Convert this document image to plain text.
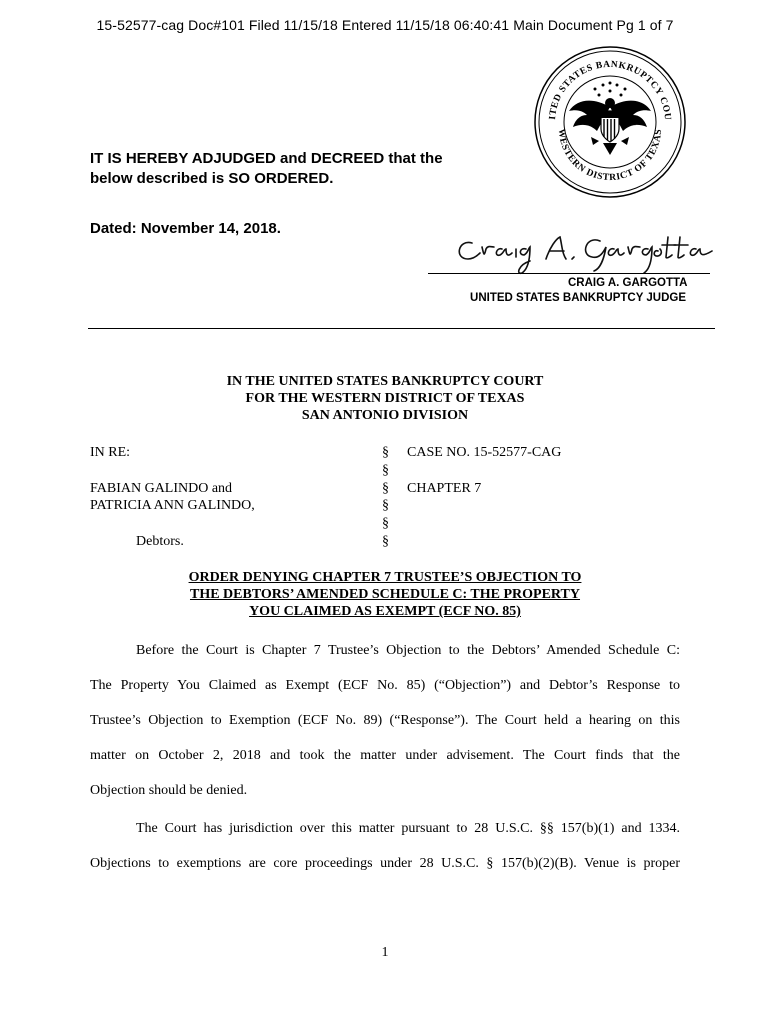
15-52577-cag Doc#101 Filed 11/15/18 Entered 11/15/18 06:40:41 Main Document Pg 1 of 7
IT IS HEREBY ADJUDGED and DECREED that the
below described is SO ORDERED.
Dated: November 14, 2018.
ITED STATES BANKRUPTCY COU
WESTERN DISTRICT OF TEXAS
CRAIG A. GARGOTTA
UNITED STATES BANKRUPTCY JUDGE
IN THE UNITED STATES BANKRUPTCY COURT
FOR THE WESTERN DISTRICT OF TEXAS
SAN ANTONIO DIVISION
IN RE:
FABIAN GALINDO and
PATRICIA ANN GALINDO,
Debtors.
§
§
§
§
§
§
CASE NO. 15-52577-CAG
CHAPTER 7
ORDER DENYING CHAPTER 7 TRUSTEE’S OBJECTION TO
THE DEBTORS’ AMENDED SCHEDULE C: THE PROPERTY
YOU CLAIMED AS EXEMPT (ECF NO. 85)
Before the Court is Chapter 7 Trustee’s Objection to the Debtors’ Amended Schedule C:
The Property You Claimed as Exempt (ECF No. 85) (“Objection”) and Debtor’s Response to
Trustee’s Objection to Exemption (ECF No. 89) (“Response”). The Court held a hearing on this
matter on October 2, 2018 and took the matter under advisement. The Court finds that the
Objection should be denied.
The Court has jurisdiction over this matter pursuant to 28 U.S.C. §§ 157(b)(1) and 1334.
Objections to exemptions are core proceedings under 28 U.S.C. § 157(b)(2)(B). Venue is proper
1
